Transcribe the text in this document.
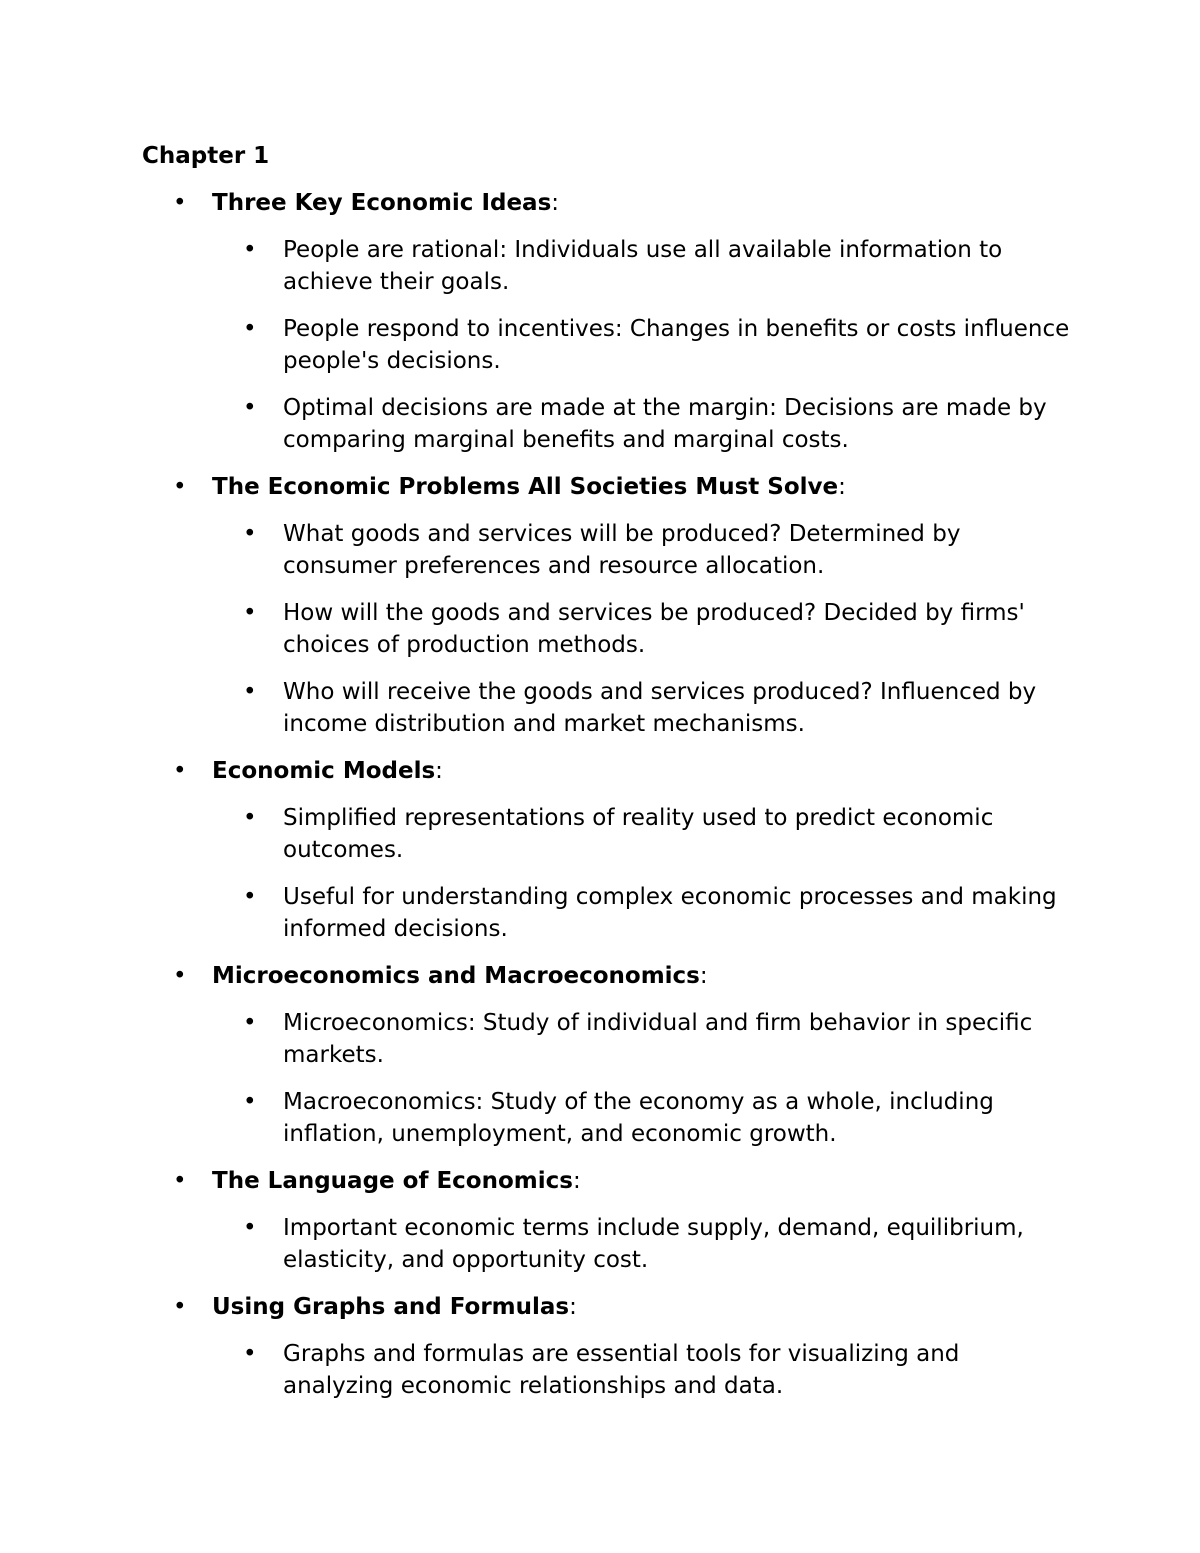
Chapter 1
•	Three Key Economic Ideas:
•	People are rational: Individuals use all available information to achieve their goals.
•	People respond to incentives: Changes in benefits or costs influence people's decisions.
•	Optimal decisions are made at the margin: Decisions are made by comparing marginal benefits and marginal costs.
•	The Economic Problems All Societies Must Solve:
•	What goods and services will be produced? Determined by consumer preferences and resource allocation.
•	How will the goods and services be produced? Decided by firms' choices of production methods.
•	Who will receive the goods and services produced? Influenced by income distribution and market mechanisms.
•	Economic Models:
•	Simplified representations of reality used to predict economic outcomes.
•	Useful for understanding complex economic processes and making informed decisions.
•	Microeconomics and Macroeconomics:
•	Microeconomics: Study of individual and firm behavior in specific markets.
•	Macroeconomics: Study of the economy as a whole, including inflation, unemployment, and economic growth.
•	The Language of Economics:
•	Important economic terms include supply, demand, equilibrium, elasticity, and opportunity cost.
•	Using Graphs and Formulas:
•	Graphs and formulas are essential tools for visualizing and analyzing economic relationships and data.
